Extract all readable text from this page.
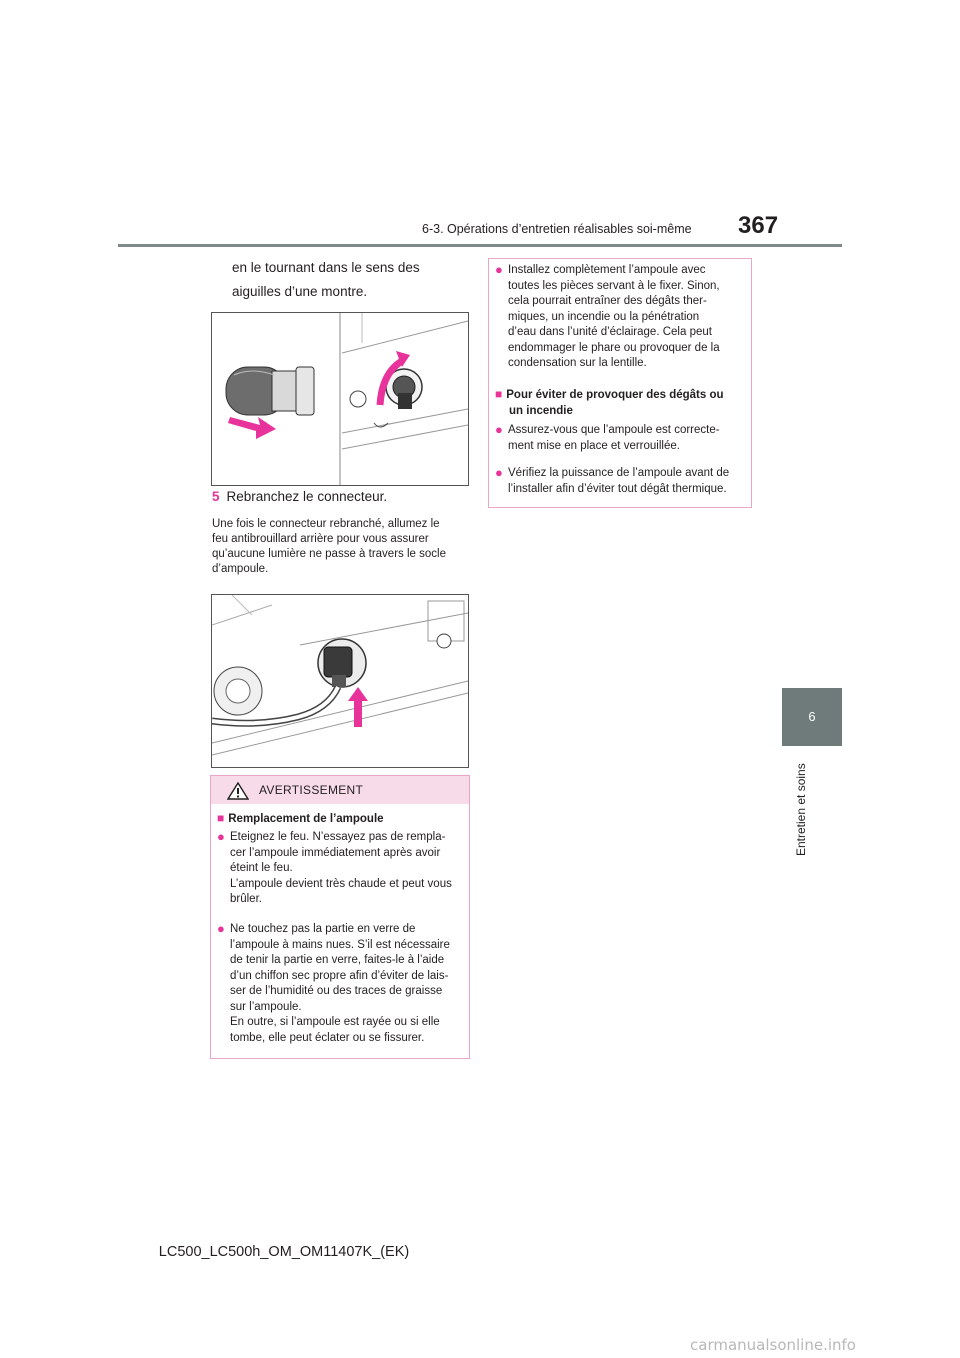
6-3. Opérations d’entretien réalisables soi-même 367
6
Entretien et soins
en le tournant dans le sens des aiguilles d’une montre.
5 Rebranchez le connecteur.
Une fois le connecteur rebranché, allumez le
feu antibrouillard arrière pour vous assurer
qu’aucune lumière ne passe à travers le socle
d’ampoule.
AVERTISSEMENT
■ Remplacement de l’ampoule
● Eteignez le feu. N’essayez pas de rempla-
cer l’ampoule immédiatement après avoir
éteint le feu.
L’ampoule devient très chaude et peut vous
brûler.
● Ne touchez pas la partie en verre de
l’ampoule à mains nues. S’il est nécessaire
de tenir la partie en verre, faites-le à l’aide
d’un chiffon sec propre afin d’éviter de lais-
ser de l’humidité ou des traces de graisse
sur l’ampoule.
En outre, si l’ampoule est rayée ou si elle
tombe, elle peut éclater ou se fissurer.
● Installez complètement l’ampoule avec
toutes les pièces servant à le fixer. Sinon,
cela pourrait entraîner des dégâts ther-
miques, un incendie ou la pénétration
d’eau dans l’unité d’éclairage. Cela peut
endommager le phare ou provoquer de la
condensation sur la lentille.
■ Pour éviter de provoquer des dégâts ou
un incendie
● Assurez-vous que l’ampoule est correcte-
ment mise en place et verrouillée.
● Vérifiez la puissance de l’ampoule avant de
l’installer afin d’éviter tout dégât thermique.
LC500_LC500h_OM_OM11407K_(EK)
carmanualsonline.info
